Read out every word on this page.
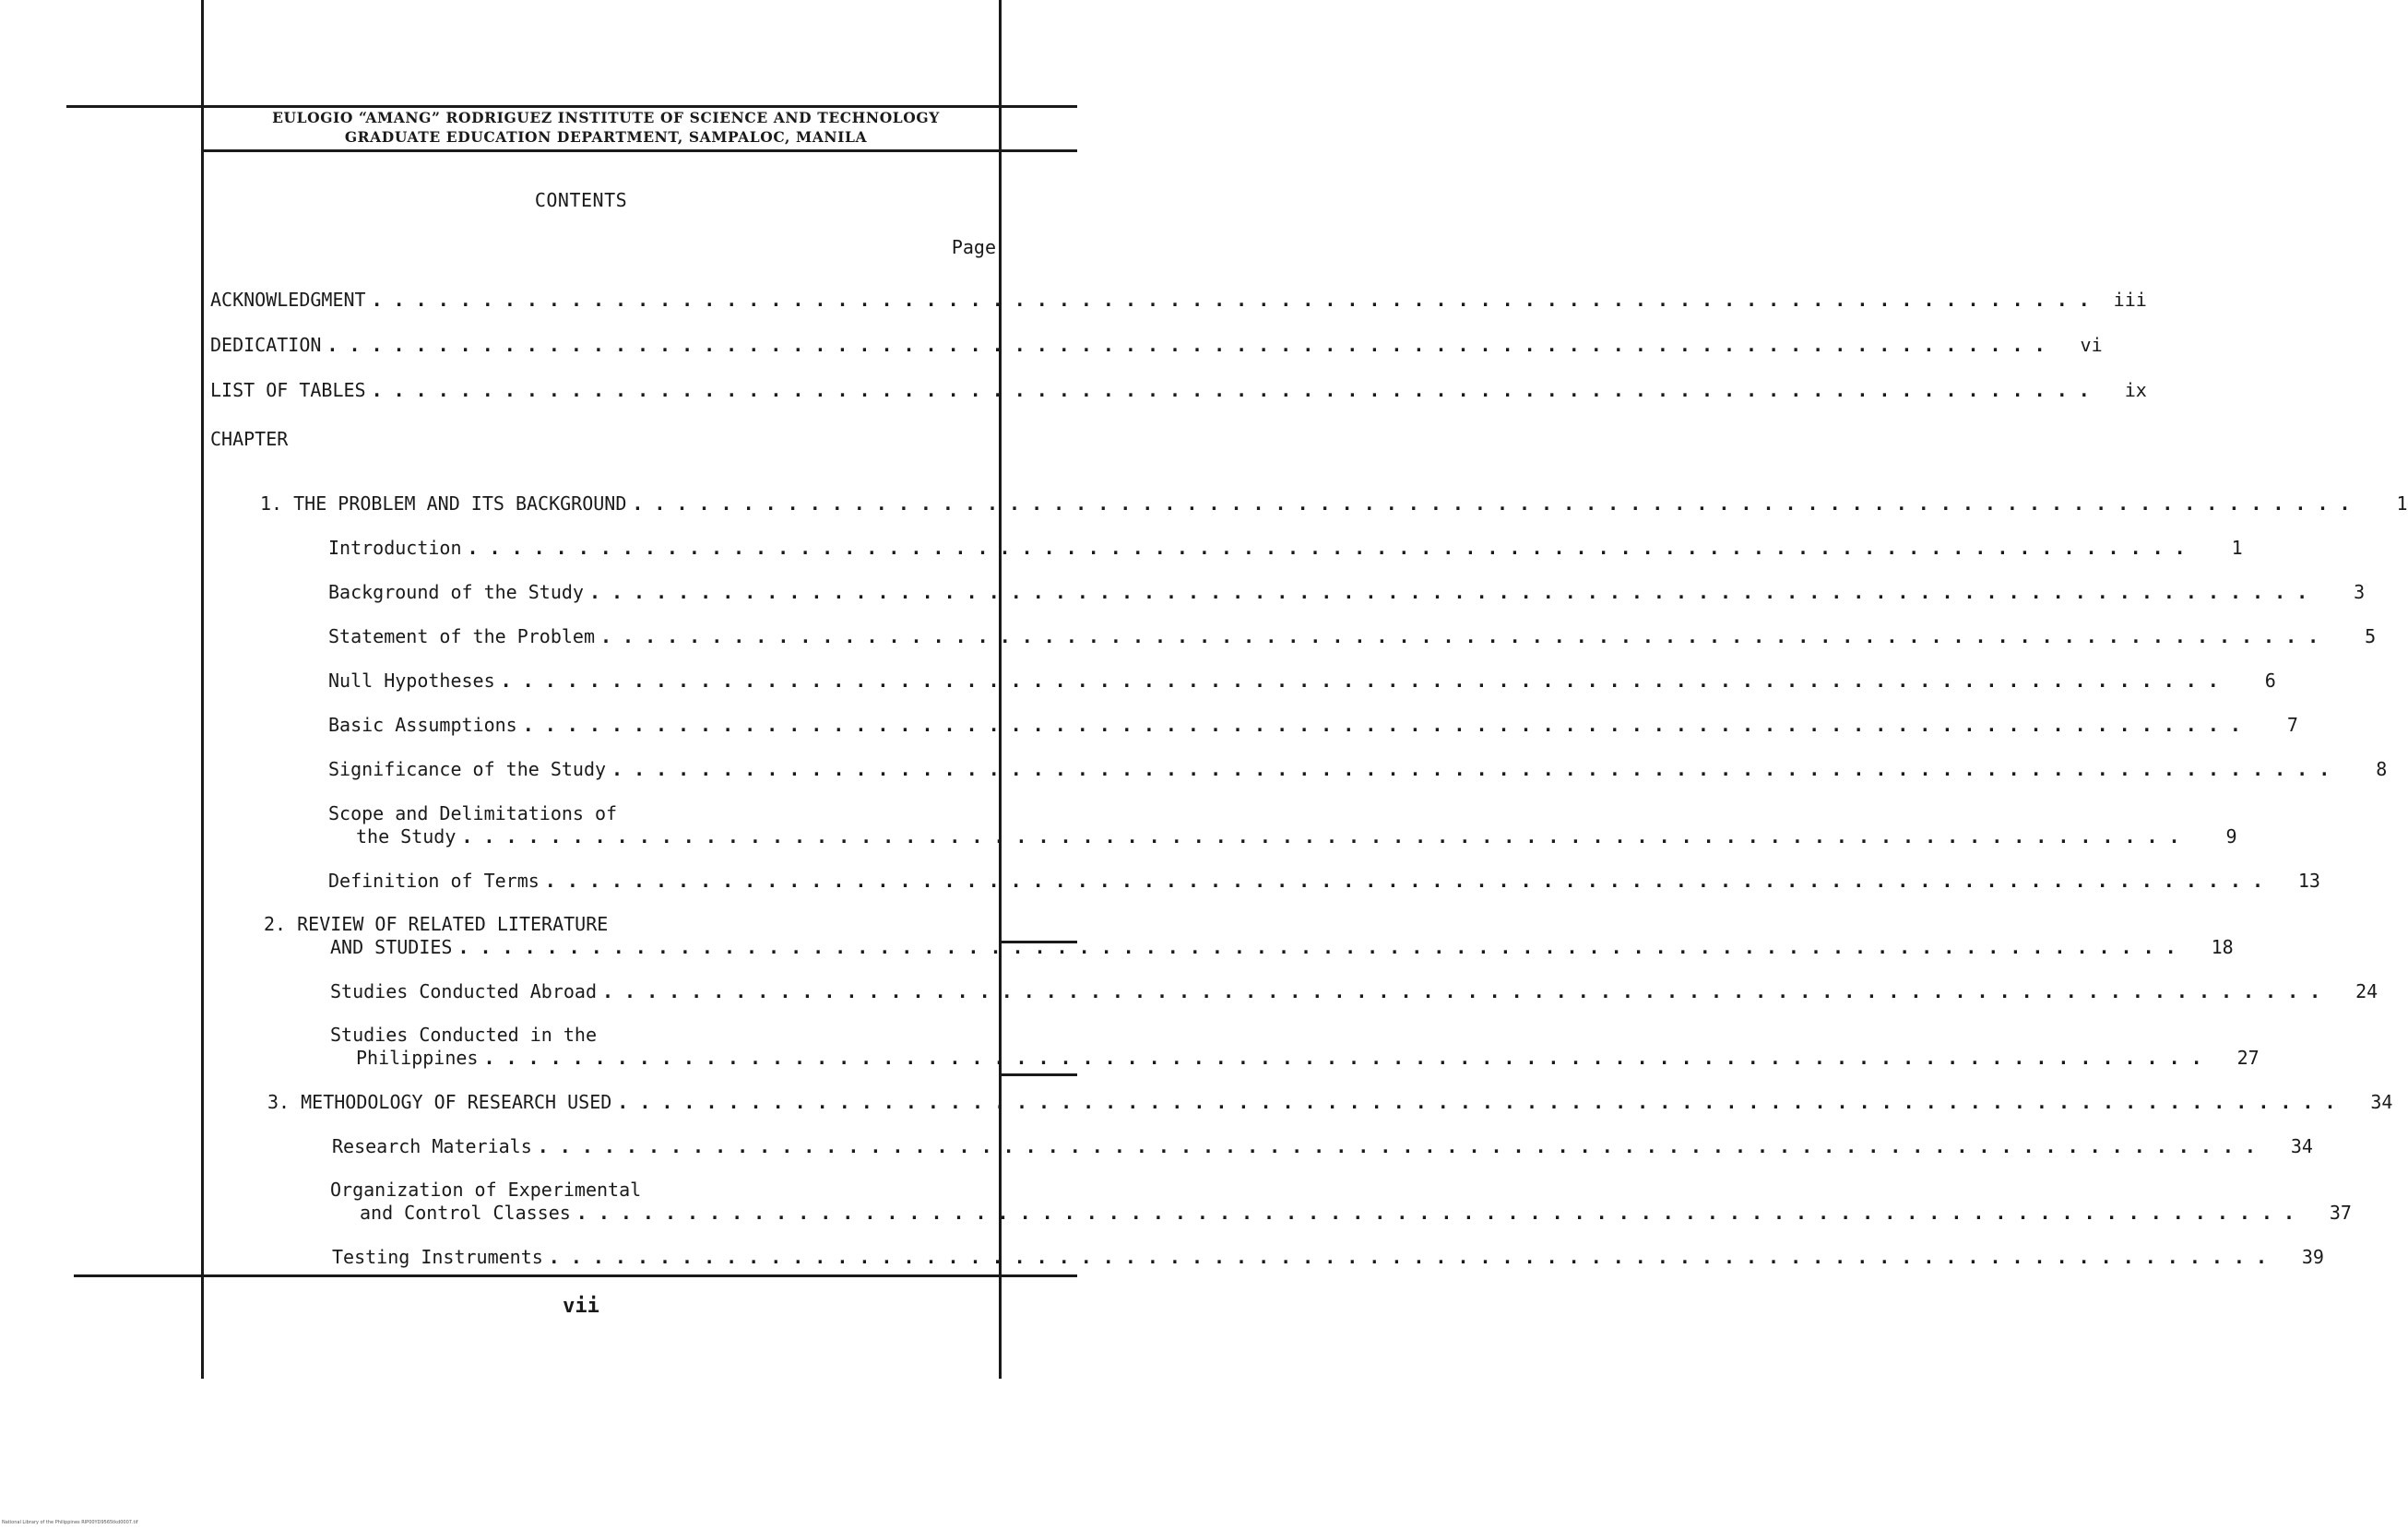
EULOGIO “AMANG” RODRIGUEZ INSTITUTE OF SCIENCE AND TECHNOLOGY
GRADUATE EDUCATION DEPARTMENT, SAMPALOC, MANILA
CONTENTS
Page
CHAPTER
ACKNOWLEDGMENT .............................................................................. iii
DEDICATION ..............................................................................	vi
LIST OF TABLES ..............................................................................	ix
1. THE PROBLEM AND ITS BACKGROUND ..............................................................................	1
Introduction ..............................................................................	1
Background of the Study ..............................................................................	3
Statement of the Problem ..............................................................................	5
Null Hypotheses ..............................................................................	6
Basic Assumptions ..............................................................................	7
Significance of the Study ..............................................................................	8
Scope and Delimitations of
the Study ..............................................................................	9
Definition of Terms ..............................................................................	13
2. REVIEW OF RELATED LITERATURE
AND STUDIES ..............................................................................	18
Studies Conducted Abroad ..............................................................................	24
Studies Conducted in the
Philippines ..............................................................................	27
3. METHODOLOGY OF RESEARCH USED ..............................................................................	34
Research Materials ..............................................................................	34
Organization of Experimental
and Control Classes ..............................................................................	37
Testing Instruments ..............................................................................	39
vii
National Library of the Philippines RIP00YD9565tkd0007.tif
